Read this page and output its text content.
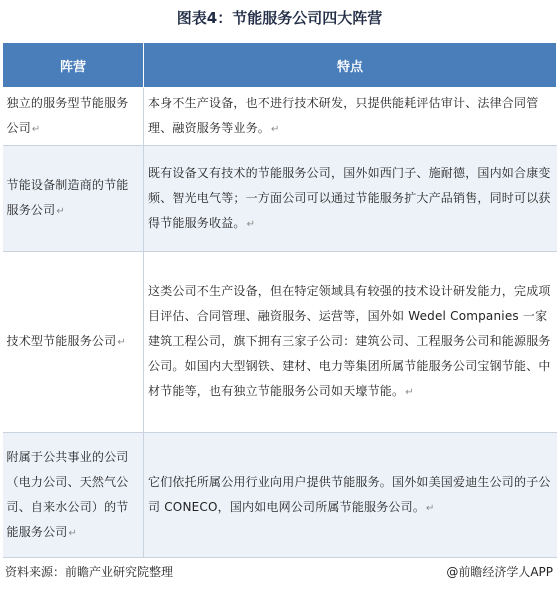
图表4：节能服务公司四大阵营
阵营	特点
独立的服务型节能服务公司↵	本身不生产设备，也不进行技术研发，只提供能耗评估审计、法律合同管理、融资服务等业务。↵
节能设备制造商的节能服务公司↵	既有设备又有技术的节能服务公司，国外如西门子、施耐德，国内如合康变频、智光电气等；一方面公司可以通过节能服务扩大产品销售，同时可以获得节能服务收益。↵
技术型节能服务公司↵	这类公司不生产设备，但在特定领域具有较强的技术设计研发能力，完成项目评估、合同管理、融资服务、运营等，国外如 Wedel Companies 一家建筑工程公司，旗下拥有三家子公司：建筑公司、工程服务公司和能源服务公司。如国内大型钢铁、建材、电力等集团所属节能服务公司宝钢节能、中材节能等，也有独立节能服务公司如天壕节能。↵
附属于公共事业的公司（电力公司、天然气公司、自来水公司）的节能服务公司↵	它们依托所属公用行业向用户提供节能服务。国外如美国爱迪生公司的子公司 CONECO，国内如电网公司所属节能服务公司。↵
资料来源：前瞻产业研究院整理	@前瞻经济学人APP
